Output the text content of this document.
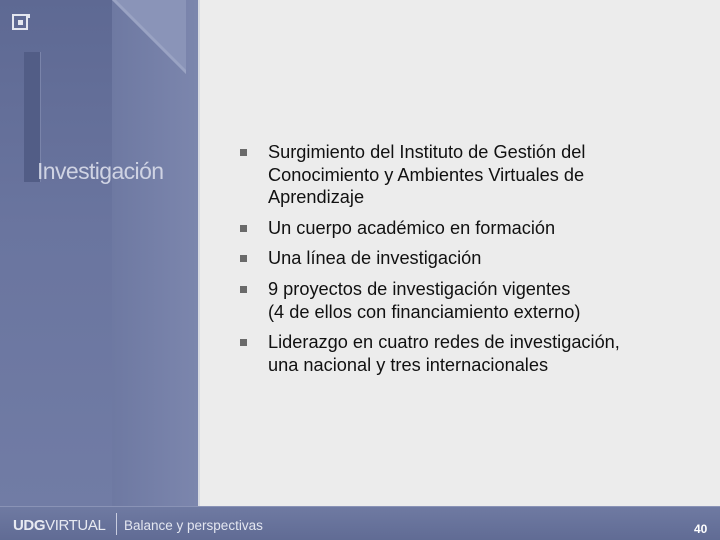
Investigación
Surgimiento del Instituto de Gestión del
Conocimiento y Ambientes Virtuales de
Aprendizaje
Un cuerpo académico en formación
Una línea de investigación
9 proyectos de investigación vigentes
(4 de ellos con financiamiento externo)
Liderazgo en cuatro redes de investigación,
una nacional y tres internacionales
UDGVIRTUAL Balance y perspectivas	40
